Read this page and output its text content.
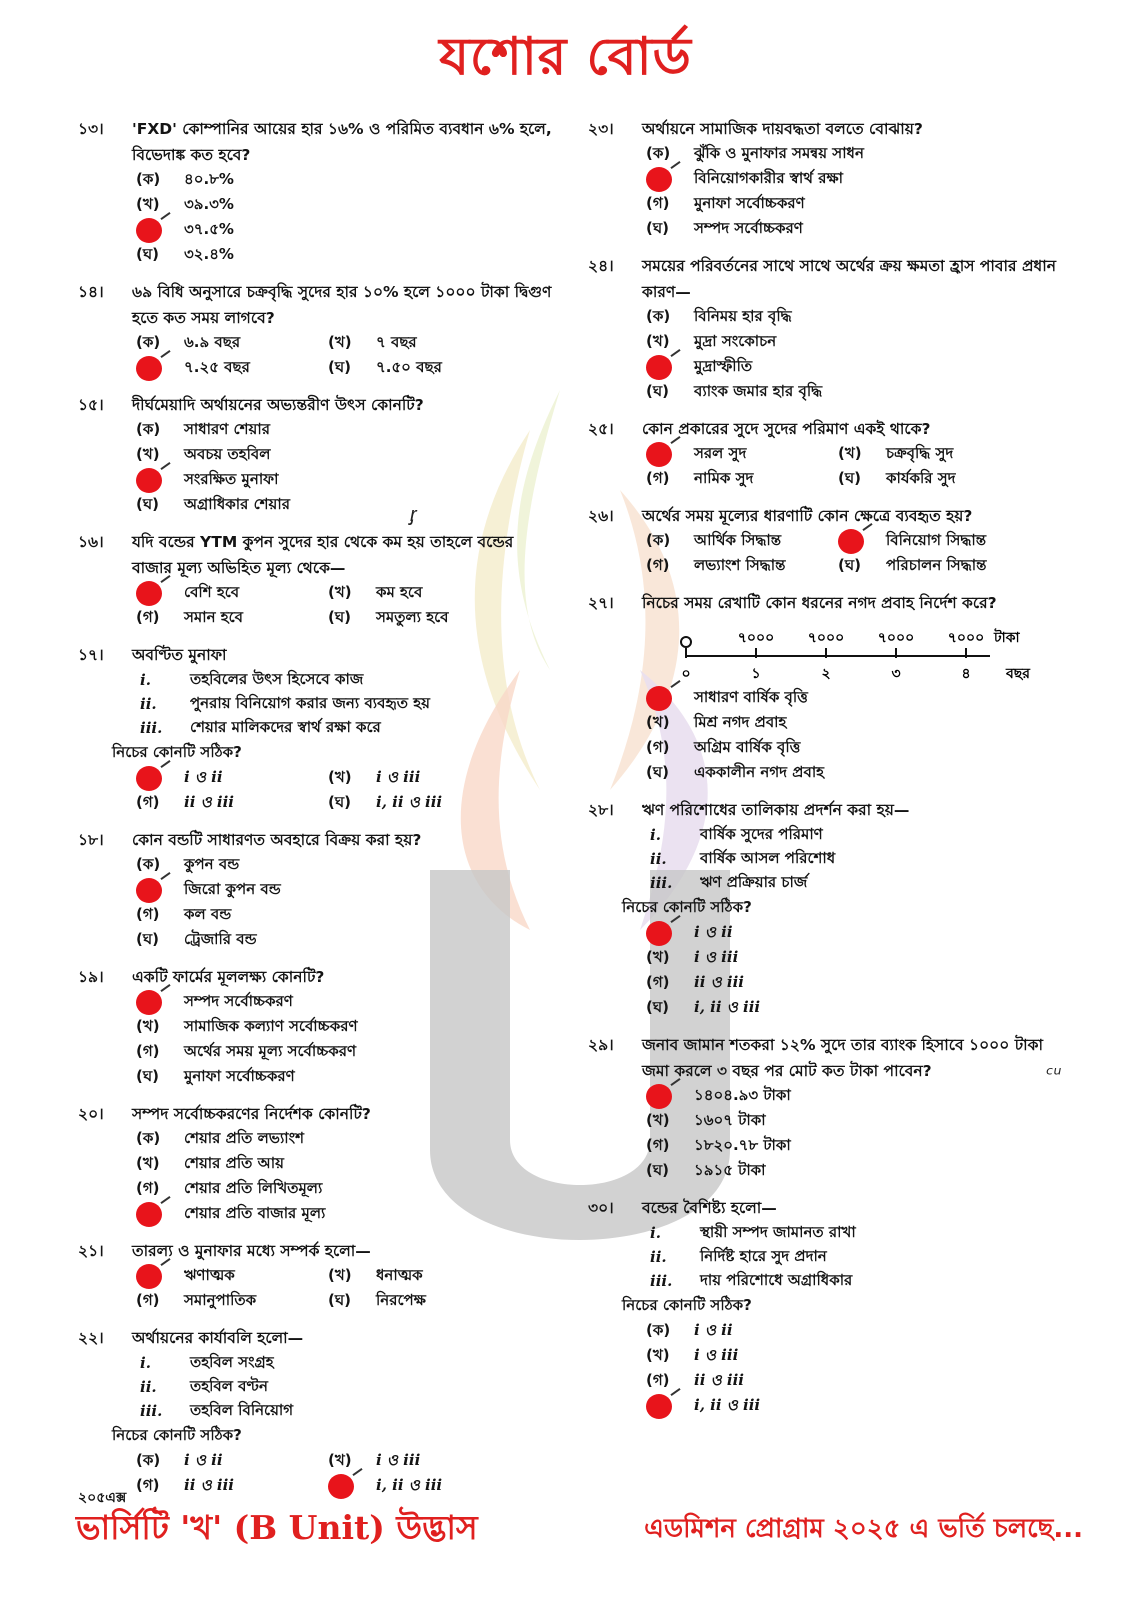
যশোর বোর্ড
১৩।	'FXD' কোম্পানির আয়ের হার ১৬% ও পরিমিত ব্যবধান ৬% হলে, বিভেদাঙ্ক কত হবে?
(ক) ৪০.৮%
(খ) ৩৯.৩%
৩৭.৫%
(ঘ) ৩২.৪%
১৪।	৬৯ বিধি অনুসারে চক্রবৃদ্ধি সুদের হার ১০% হলে ১০০০ টাকা দ্বিগুণ হতে কত সময় লাগবে?
(ক) ৬.৯ বছর	(খ) ৭ বছর
৭.২৫ বছর	(ঘ) ৭.৫০ বছর
১৫।	দীর্ঘমেয়াদি অর্থায়নের অভ্যন্তরীণ উৎস কোনটি?
(ক) সাধারণ শেয়ার
(খ) অবচয় তহবিল
সংরক্ষিত মুনাফা
(ঘ) অগ্রাধিকার শেয়ার
১৬।	যদি বন্ডের YTM কুপন সুদের হার থেকে কম হয় তাহলে বন্ডের বাজার মূল্য অভিহিত মূল্য থেকে—
বেশি হবে	(খ) কম হবে
(গ) সমান হবে	(ঘ) সমতুল্য হবে
১৭।	অবণ্টিত মুনাফা
i.	তহবিলের উৎস হিসেবে কাজ
ii.	পুনরায় বিনিয়োগ করার জন্য ব্যবহৃত হয়
iii.	শেয়ার মালিকদের স্বার্থ রক্ষা করে
নিচের কোনটি সঠিক?
i ও ii	(খ) i ও iii
(গ) ii ও iii	(ঘ) i, ii ও iii
১৮।	কোন বন্ডটি সাধারণত অবহারে বিক্রয় করা হয়?
(ক) কুপন বন্ড
জিরো কুপন বন্ড
(গ) কল বন্ড
(ঘ) ট্রেজারি বন্ড
১৯।	একটি ফার্মের মূললক্ষ্য কোনটি?
সম্পদ সর্বোচ্চকরণ
(খ) সামাজিক কল্যাণ সর্বোচ্চকরণ
(গ) অর্থের সময় মূল্য সর্বোচ্চকরণ
(ঘ) মুনাফা সর্বোচ্চকরণ
২০।	সম্পদ সর্বোচ্চকরণের নির্দেশক কোনটি?
(ক) শেয়ার প্রতি লভ্যাংশ
(খ) শেয়ার প্রতি আয়
(গ) শেয়ার প্রতি লিখিতমূল্য
শেয়ার প্রতি বাজার মূল্য
২১।	তারল্য ও মুনাফার মধ্যে সম্পর্ক হলো—
ঋণাত্মক	(খ) ধনাত্মক
(গ) সমানুপাতিক	(ঘ) নিরপেক্ষ
২২।	অর্থায়নের কার্যাবলি হলো—
i.	তহবিল সংগ্রহ
ii.	তহবিল বণ্টন
iii.	তহবিল বিনিয়োগ
নিচের কোনটি সঠিক?
(ক) i ও ii	(খ) i ও iii
(গ) ii ও iii	i, ii ও iii
২৩।	অর্থায়নে সামাজিক দায়বদ্ধতা বলতে বোঝায়?
(ক) ঝুঁকি ও মুনাফার সমন্বয় সাধন
বিনিয়োগকারীর স্বার্থ রক্ষা
(গ) মুনাফা সর্বোচ্চকরণ
(ঘ) সম্পদ সর্বোচ্চকরণ
২৪।	সময়ের পরিবর্তনের সাথে সাথে অর্থের ক্রয় ক্ষমতা হ্রাস পাবার প্রধান কারণ—
(ক) বিনিময় হার বৃদ্ধি
(খ) মুদ্রা সংকোচন
মুদ্রাস্ফীতি
(ঘ) ব্যাংক জমার হার বৃদ্ধি
২৫।	কোন প্রকারের সুদে সুদের পরিমাণ একই থাকে?
সরল সুদ	(খ) চক্রবৃদ্ধি সুদ
(গ) নামিক সুদ	(ঘ) কার্যকরি সুদ
২৬।	অর্থের সময় মূল্যের ধারণাটি কোন ক্ষেত্রে ব্যবহৃত হয়?
(ক) আর্থিক সিদ্ধান্ত	বিনিয়োগ সিদ্ধান্ত
(গ) লভ্যাংশ সিদ্ধান্ত	(ঘ) পরিচালন সিদ্ধান্ত
২৭।	নিচের সময় রেখাটি কোন ধরনের নগদ প্রবাহ নির্দেশ করে?
০	১	২	৩	৪	বছর
৭০০০ ৭০০০ ৭০০০ ৭০০০ টাকা
সাধারণ বার্ষিক বৃত্তি
(খ) মিশ্র নগদ প্রবাহ
(গ) অগ্রিম বার্ষিক বৃত্তি
(ঘ) এককালীন নগদ প্রবাহ
২৮।	ঋণ পরিশোধের তালিকায় প্রদর্শন করা হয়—
i.	বার্ষিক সুদের পরিমাণ
ii.	বার্ষিক আসল পরিশোধ
iii.	ঋণ প্রক্রিয়ার চার্জ
নিচের কোনটি সঠিক?
i ও ii
(খ) i ও iii
(গ) ii ও iii
(ঘ) i, ii ও iii
২৯।	জনাব জামান শতকরা ১২% সুদে তার ব্যাংক হিসাবে ১০০০ টাকা জমা করলে ৩ বছর পর মোট কত টাকা পাবেন?
১৪০৪.৯৩ টাকা
(খ) ১৬০৭ টাকা
(গ) ১৮২০.৭৮ টাকা
(ঘ) ১৯১৫ টাকা
৩০।	বন্ডের বৈশিষ্ট্য হলো—
i.	স্থায়ী সম্পদ জামানত রাখা
ii.	নির্দিষ্ট হারে সুদ প্রদান
iii.	দায় পরিশোধে অগ্রাধিকার
নিচের কোনটি সঠিক?
(ক) i ও ii
(খ) i ও iii
(গ) ii ও iii
i, ii ও iii
ᶉ
ᶜᵘ
২০৫এক্স
ভার্সিটি 'খ' (B Unit) উদ্ভাস	এডমিশন প্রোগ্রাম ২০২৫ এ ভর্তি চলছে...
